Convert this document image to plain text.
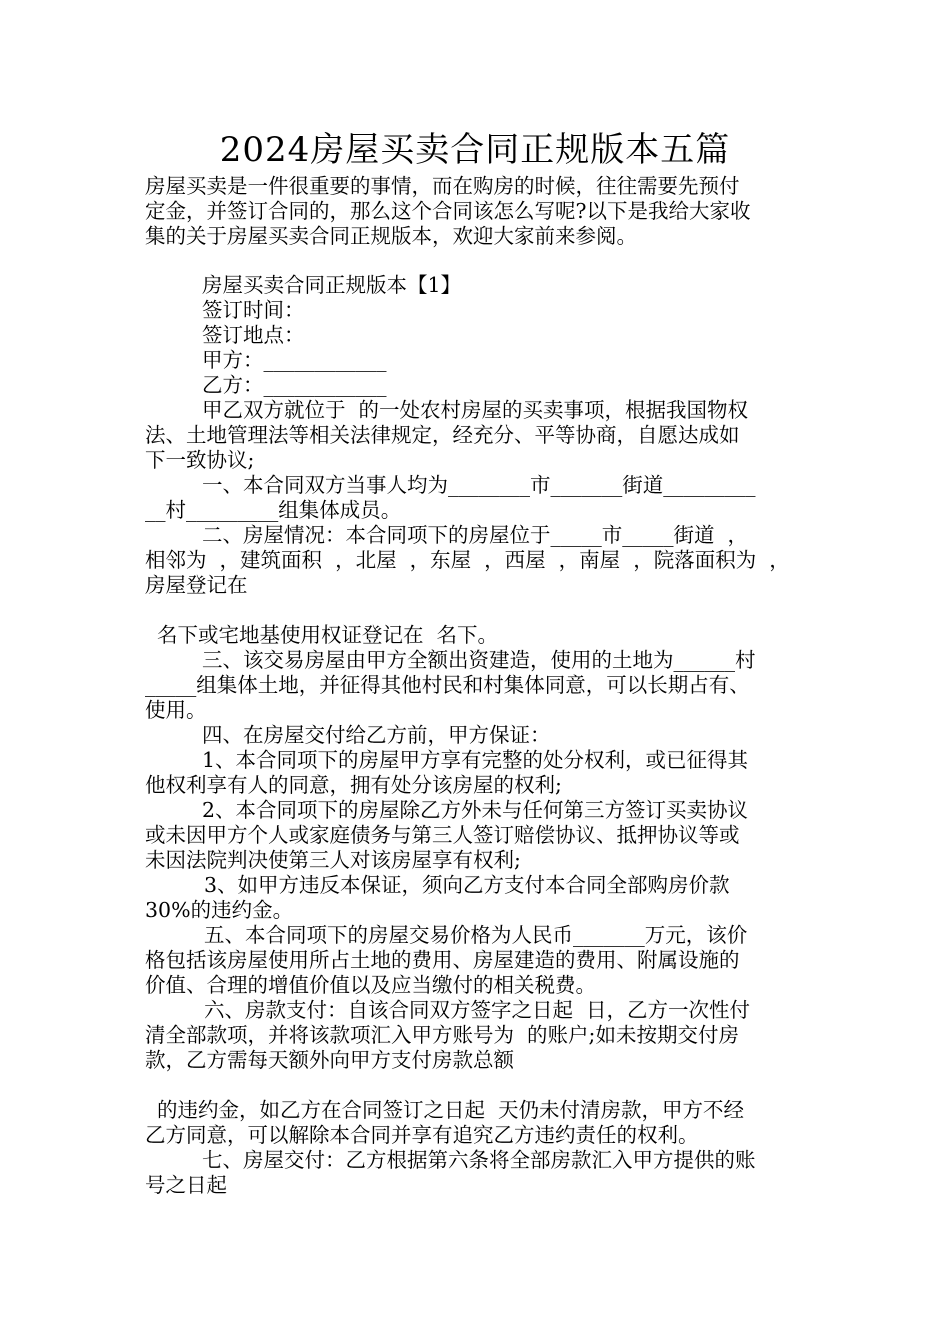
2024房屋买卖合同正规版本五篇
房屋买卖是一件很重要的事情，而在购房的时候，往往需要先预付
定金，并签订合同的，那么这个合同该怎么写呢?以下是我给大家收
集的关于房屋买卖合同正规版本，欢迎大家前来参阅。
房屋买卖合同正规版本【1】
签订时间：
签订地点：
甲方：____________
乙方：____________
甲乙双方就位于  的一处农村房屋的买卖事项，根据我国物权
法、土地管理法等相关法律规定，经充分、平等协商，自愿达成如
下一致协议;
一、本合同双方当事人均为________市_______街道_________
__村_________组集体成员。
二、房屋情况：本合同项下的房屋位于_____市_____街道  ，
相邻为  ，建筑面积  ，北屋  ，东屋  ，西屋  ，南屋  ，院落面积为  ，
房屋登记在
名下或宅地基使用权证登记在  名下。
三、该交易房屋由甲方全额出资建造，使用的土地为______村
_____组集体土地，并征得其他村民和村集体同意，可以长期占有、
使用。
四、在房屋交付给乙方前，甲方保证：
1、本合同项下的房屋甲方享有完整的处分权利，或已征得其
他权利享有人的同意，拥有处分该房屋的权利;
2、本合同项下的房屋除乙方外未与任何第三方签订买卖协议
或未因甲方个人或家庭债务与第三人签订赔偿协议、抵押协议等或
未因法院判决使第三人对该房屋享有权利;
3、如甲方违反本保证，须向乙方支付本合同全部购房价款
30%的违约金。
五、本合同项下的房屋交易价格为人民币_______万元，该价
格包括该房屋使用所占土地的费用、房屋建造的费用、附属设施的
价值、合理的增值价值以及应当缴付的相关税费。
六、房款支付：自该合同双方签字之日起  日，乙方一次性付
清全部款项，并将该款项汇入甲方账号为  的账户;如未按期交付房
款，乙方需每天额外向甲方支付房款总额
的违约金，如乙方在合同签订之日起  天仍未付清房款，甲方不经
乙方同意，可以解除本合同并享有追究乙方违约责任的权利。
七、房屋交付：乙方根据第六条将全部房款汇入甲方提供的账
号之日起
